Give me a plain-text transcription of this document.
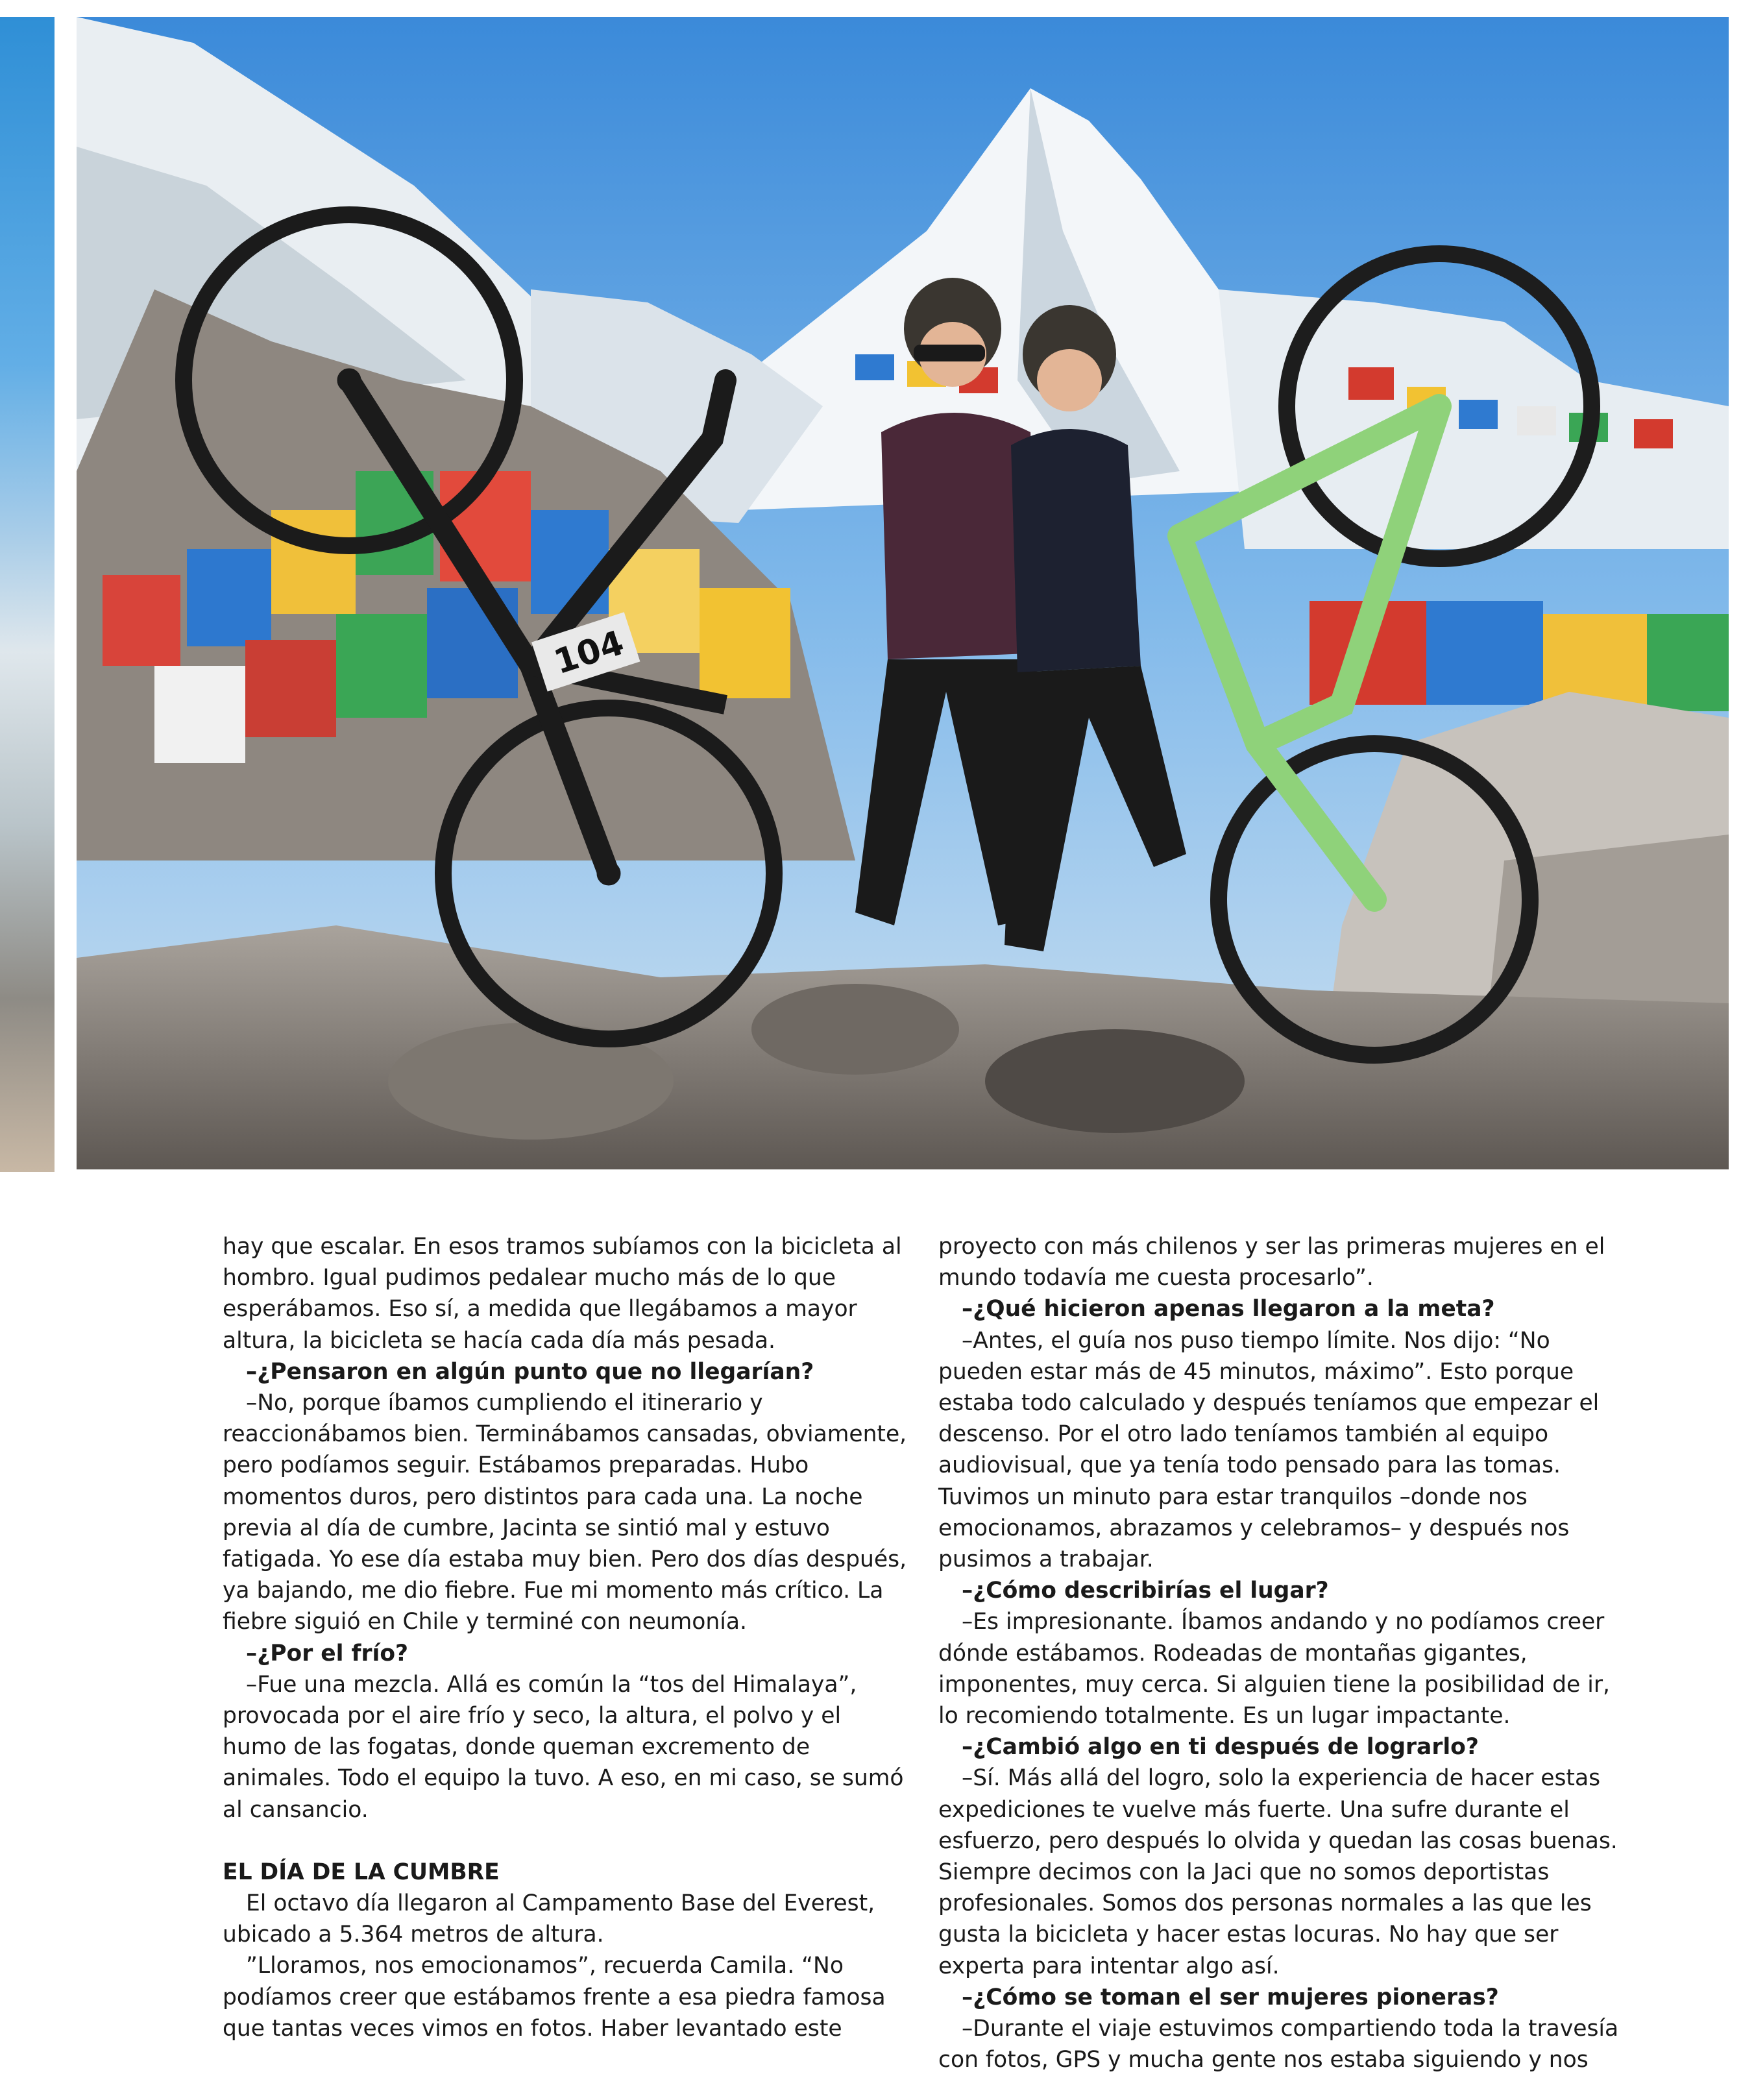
104

hay que escalar. En esos tramos subíamos con la bicicleta al hombro. Igual pudimos pedalear mucho más de lo que esperábamos. Eso sí, a medida que llegábamos a mayor altura, la bicicleta se hacía cada día más pesada.

–¿Pensaron en algún punto que no llegarían?

–No, porque íbamos cumpliendo el itinerario y reaccionábamos bien. Terminábamos cansadas, obviamente, pero podíamos seguir. Estábamos preparadas. Hubo momentos duros, pero distintos para cada una. La noche previa al día de cumbre, Jacinta se sintió mal y estuvo fatigada. Yo ese día estaba muy bien. Pero dos días después, ya bajando, me dio fiebre. Fue mi momento más crítico. La fiebre siguió en Chile y terminé con neumonía.

–¿Por el frío?

–Fue una mezcla. Allá es común la “tos del Himalaya”, provocada por el aire frío y seco, la altura, el polvo y el humo de las fogatas, donde queman excremento de animales. Todo el equipo la tuvo. A eso, en mi caso, se sumó al cansancio.

EL DÍA DE LA CUMBRE

El octavo día llegaron al Campamento Base del Everest, ubicado a 5.364 metros de altura.

”Lloramos, nos emocionamos”, recuerda Camila. “No podíamos creer que estábamos frente a esa piedra famosa que tantas veces vimos en fotos. Haber levantado este

proyecto con más chilenos y ser las primeras mujeres en el mundo todavía me cuesta procesarlo”.

–¿Qué hicieron apenas llegaron a la meta?

–Antes, el guía nos puso tiempo límite. Nos dijo: “No pueden estar más de 45 minutos, máximo”. Esto porque estaba todo calculado y después teníamos que empezar el descenso. Por el otro lado teníamos también al equipo audiovisual, que ya tenía todo pensado para las tomas. Tuvimos un minuto para estar tranquilos –donde nos emocionamos, abrazamos y celebramos– y después nos pusimos a trabajar.

–¿Cómo describirías el lugar?

–Es impresionante. Íbamos andando y no podíamos creer dónde estábamos. Rodeadas de montañas gigantes, imponentes, muy cerca. Si alguien tiene la posibilidad de ir, lo recomiendo totalmente. Es un lugar impactante.

–¿Cambió algo en ti después de lograrlo?

–Sí. Más allá del logro, solo la experiencia de hacer estas expediciones te vuelve más fuerte. Una sufre durante el esfuerzo, pero después lo olvida y quedan las cosas buenas. Siempre decimos con la Jaci que no somos deportistas profesionales. Somos dos personas normales a las que les gusta la bicicleta y hacer estas locuras. No hay que ser experta para intentar algo así.

–¿Cómo se toman el ser mujeres pioneras?

–Durante el viaje estuvimos compartiendo toda la travesía con fotos, GPS y mucha gente nos estaba siguiendo y nos
